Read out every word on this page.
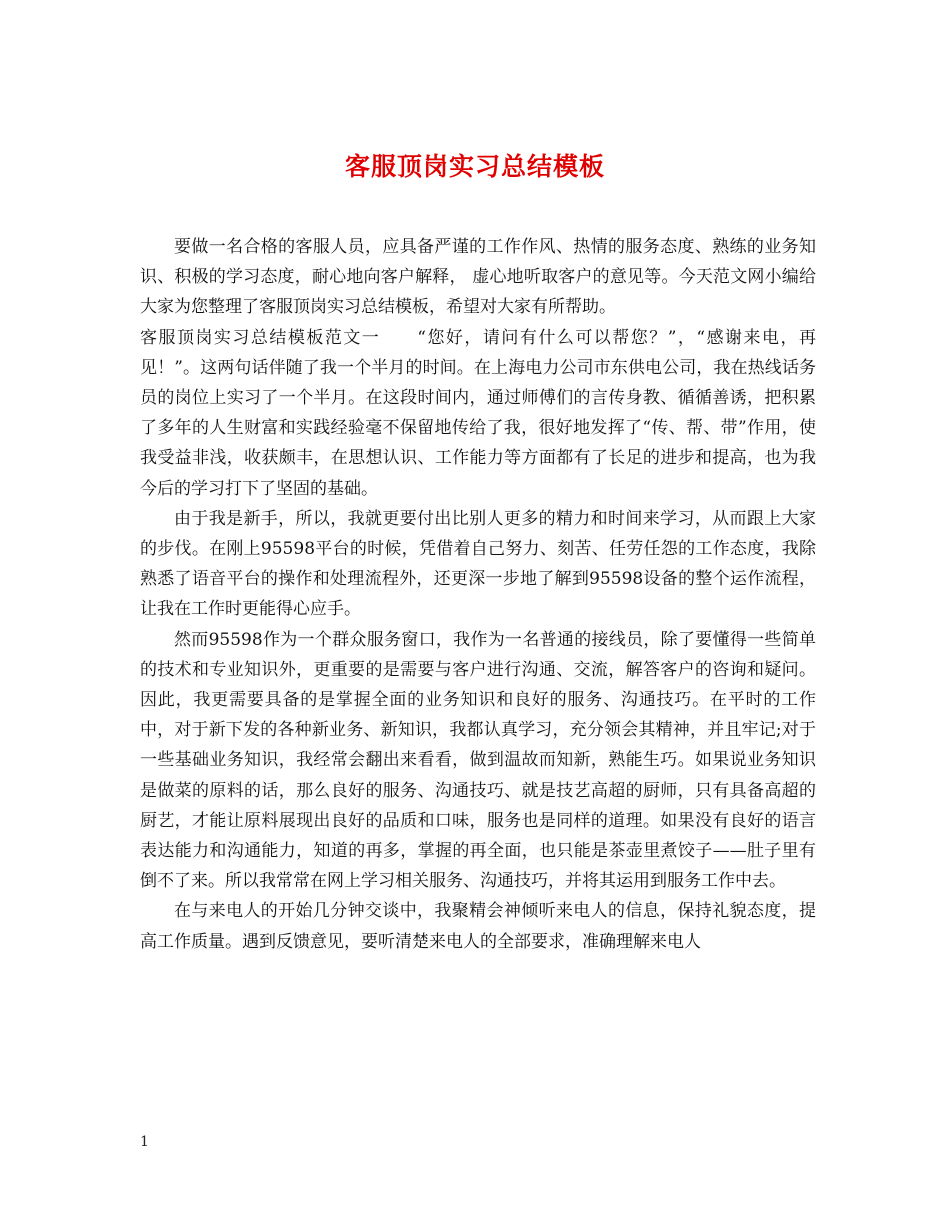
客服顶岗实习总结模板

要做一名合格的客服人员，应具备严谨的工作作风、热情的服务态度、熟练的业务知识、积极的学习态度，耐心地向客户解释， 虚心地听取客户的意见等。今天范文网小编给大家为您整理了客服顶岗实习总结模板，希望对大家有所帮助。

客服顶岗实习总结模板范文一　　“您好，请问有什么可以帮您？”，“感谢来电，再见！”。这两句话伴随了我一个半月的时间。在上海电力公司市东供电公司，我在热线话务员的岗位上实习了一个半月。在这段时间内，通过师傅们的言传身教、循循善诱，把积累了多年的人生财富和实践经验毫不保留地传给了我，很好地发挥了“传、帮、带”作用，使我受益非浅，收获颇丰，在思想认识、工作能力等方面都有了长足的进步和提高，也为我今后的学习打下了坚固的基础。

由于我是新手，所以，我就更要付出比别人更多的精力和时间来学习，从而跟上大家的步伐。在刚上95598平台的时候，凭借着自己努力、刻苦、任劳任怨的工作态度，我除熟悉了语音平台的操作和处理流程外，还更深一步地了解到95598设备的整个运作流程，让我在工作时更能得心应手。

然而95598作为一个群众服务窗口，我作为一名普通的接线员，除了要懂得一些简单的技术和专业知识外，更重要的是需要与客户进行沟通、交流，解答客户的咨询和疑问。因此，我更需要具备的是掌握全面的业务知识和良好的服务、沟通技巧。在平时的工作中，对于新下发的各种新业务、新知识，我都认真学习，充分领会其精神，并且牢记;对于一些基础业务知识，我经常会翻出来看看，做到温故而知新，熟能生巧。如果说业务知识是做菜的原料的话，那么良好的服务、沟通技巧、就是技艺高超的厨师，只有具备高超的厨艺，才能让原料展现出良好的品质和口味，服务也是同样的道理。如果没有良好的语言表达能力和沟通能力，知道的再多，掌握的再全面，也只能是茶壶里煮饺子——肚子里有倒不了来。所以我常常在网上学习相关服务、沟通技巧，并将其运用到服务工作中去。

在与来电人的开始几分钟交谈中，我聚精会神倾听来电人的信息，保持礼貌态度，提高工作质量。遇到反馈意见，要听清楚来电人的全部要求，准确理解来电人

1
